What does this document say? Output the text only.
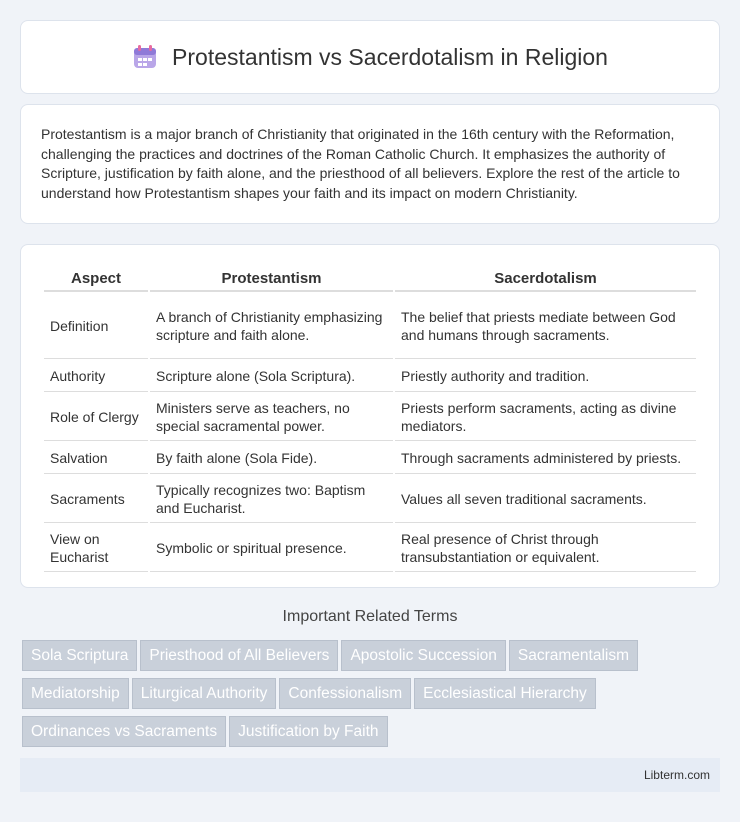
Protestantism vs Sacerdotalism in Religion

Protestantism is a major branch of Christianity that originated in the 16th century with the Reformation, challenging the practices and doctrines of the Roman Catholic Church. It emphasizes the authority of Scripture, justification by faith alone, and the priesthood of all believers. Explore the rest of the article to understand how Protestantism shapes your faith and its impact on modern Christianity.

Aspect	Protestantism	Sacerdotalism
Definition	A branch of Christianity emphasizing scripture and faith alone.	The belief that priests mediate between God and humans through sacraments.
Authority	Scripture alone (Sola Scriptura).	Priestly authority and tradition.
Role of Clergy	Ministers serve as teachers, no special sacramental power.	Priests perform sacraments, acting as divine mediators.
Salvation	By faith alone (Sola Fide).	Through sacraments administered by priests.
Sacraments	Typically recognizes two: Baptism and Eucharist.	Values all seven traditional sacraments.
View on Eucharist	Symbolic or spiritual presence.	Real presence of Christ through transubstantiation or equivalent.
Important Related Terms
Sola Scriptura Priesthood of All Believers Apostolic Succession Sacramentalism
Mediatorship Liturgical Authority Confessionalism Ecclesiastical Hierarchy
Ordinances vs Sacraments Justification by Faith
Libterm.com
